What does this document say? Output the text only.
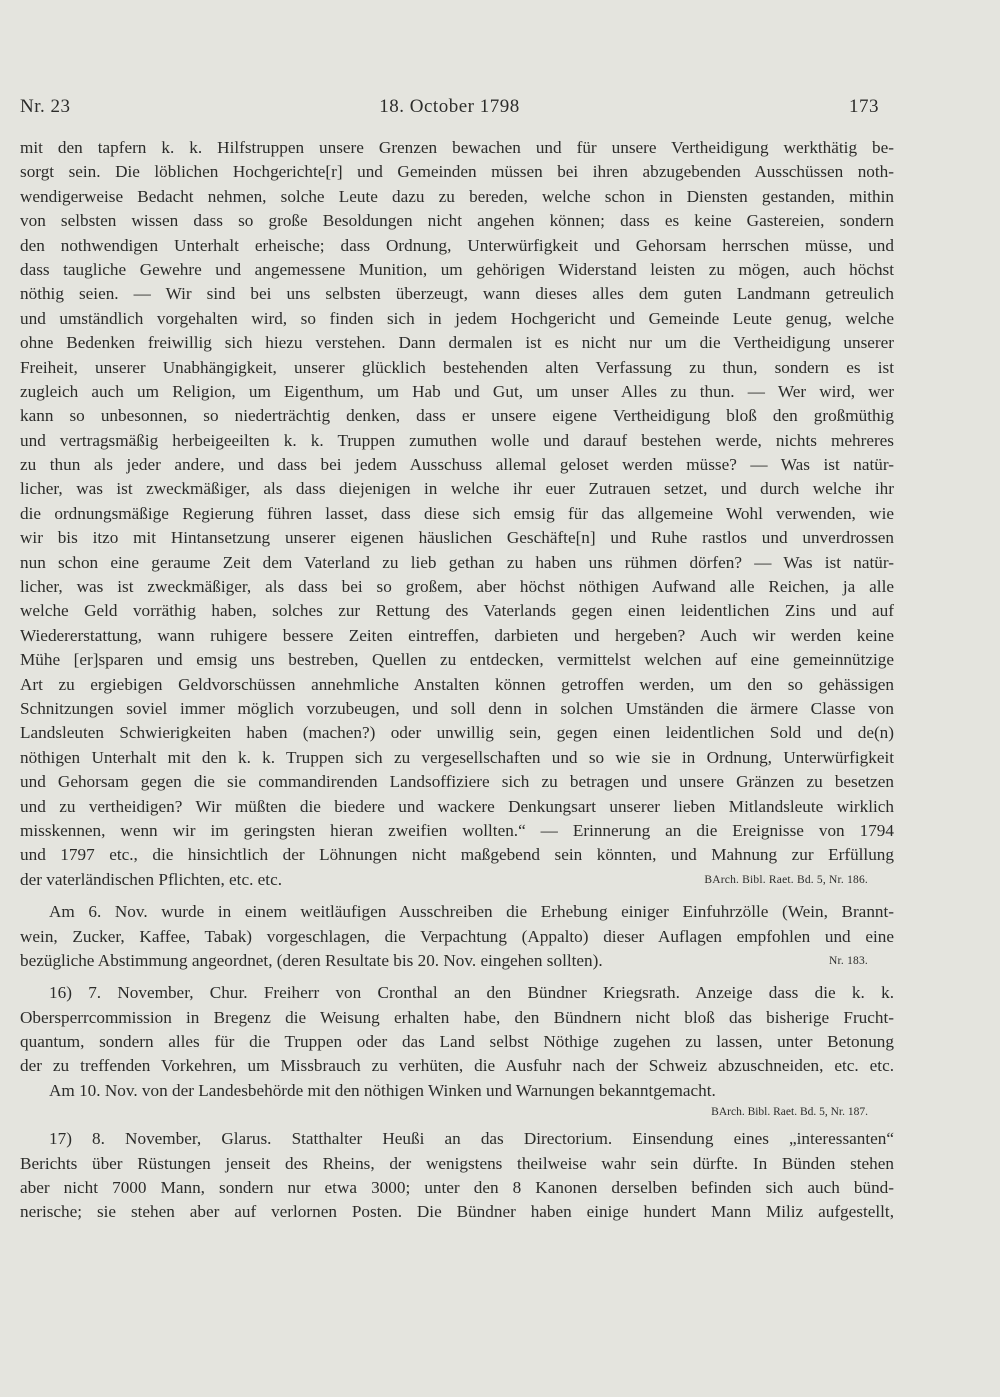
Nr. 23	18. October 1798	173
mit den tapfern k. k. Hilfstruppen unsere Grenzen bewachen und für unsere Vertheidigung werkthätig be-
sorgt sein. Die löblichen Hochgerichte[r] und Gemeinden müssen bei ihren abzugebenden Ausschüssen noth-
wendigerweise Bedacht nehmen, solche Leute dazu zu bereden, welche schon in Diensten gestanden, mithin
von selbsten wissen dass so große Besoldungen nicht angehen können; dass es keine Gastereien, sondern
den nothwendigen Unterhalt erheische; dass Ordnung, Unterwürfigkeit und Gehorsam herrschen müsse, und
dass taugliche Gewehre und angemessene Munition, um gehörigen Widerstand leisten zu mögen, auch höchst
nöthig seien. — Wir sind bei uns selbsten überzeugt, wann dieses alles dem guten Landmann getreulich
und umständlich vorgehalten wird, so finden sich in jedem Hochgericht und Gemeinde Leute genug, welche
ohne Bedenken freiwillig sich hiezu verstehen. Dann dermalen ist es nicht nur um die Vertheidigung unserer
Freiheit, unserer Unabhängigkeit, unserer glücklich bestehenden alten Verfassung zu thun, sondern es ist
zugleich auch um Religion, um Eigenthum, um Hab und Gut, um unser Alles zu thun. — Wer wird, wer
kann so unbesonnen, so niederträchtig denken, dass er unsere eigene Vertheidigung bloß den großmüthig
und vertragsmäßig herbeigeeilten k. k. Truppen zumuthen wolle und darauf bestehen werde, nichts mehreres
zu thun als jeder andere, und dass bei jedem Ausschuss allemal geloset werden müsse? — Was ist natür-
licher, was ist zweckmäßiger, als dass diejenigen in welche ihr euer Zutrauen setzet, und durch welche ihr
die ordnungsmäßige Regierung führen lasset, dass diese sich emsig für das allgemeine Wohl verwenden, wie
wir bis itzo mit Hintansetzung unserer eigenen häuslichen Geschäfte[n] und Ruhe rastlos und unverdrossen
nun schon eine geraume Zeit dem Vaterland zu lieb gethan zu haben uns rühmen dörfen? — Was ist natür-
licher, was ist zweckmäßiger, als dass bei so großem, aber höchst nöthigen Aufwand alle Reichen, ja alle
welche Geld vorräthig haben, solches zur Rettung des Vaterlands gegen einen leidentlichen Zins und auf
Wiedererstattung, wann ruhigere bessere Zeiten eintreffen, darbieten und hergeben? Auch wir werden keine
Mühe [er]sparen und emsig uns bestreben, Quellen zu entdecken, vermittelst welchen auf eine gemeinnützige
Art zu ergiebigen Geldvorschüssen annehmliche Anstalten können getroffen werden, um den so gehässigen
Schnitzungen soviel immer möglich vorzubeugen, und soll denn in solchen Umständen die ärmere Classe von
Landsleuten Schwierigkeiten haben (machen?) oder unwillig sein, gegen einen leidentlichen Sold und de(n)
nöthigen Unterhalt mit den k. k. Truppen sich zu vergesellschaften und so wie sie in Ordnung, Unterwürfigkeit
und Gehorsam gegen die sie commandirenden Landsoffiziere sich zu betragen und unsere Gränzen zu besetzen
und zu vertheidigen? Wir müßten die biedere und wackere Denkungsart unserer lieben Mitlandsleute wirklich
misskennen, wenn wir im geringsten hieran zweifien wollten.“ — Erinnerung an die Ereignisse von 1794
und 1797 etc., die hinsichtlich der Löhnungen nicht maßgebend sein könnten, und Mahnung zur Erfüllung
der vaterländischen Pflichten, etc. etc.	BArch. Bibl. Raet. Bd. 5, Nr. 186.
Am 6. Nov. wurde in einem weitläufigen Ausschreiben die Erhebung einiger Einfuhrzölle (Wein, Brannt-
wein, Zucker, Kaffee, Tabak) vorgeschlagen, die Verpachtung (Appalto) dieser Auflagen empfohlen und eine
bezügliche Abstimmung angeordnet, (deren Resultate bis 20. Nov. eingehen sollten).	Nr. 183.
16) 7. November, Chur. Freiherr von Cronthal an den Bündner Kriegsrath. Anzeige dass die k. k.
Obersperrcommission in Bregenz die Weisung erhalten habe, den Bündnern nicht bloß das bisherige Frucht-
quantum, sondern alles für die Truppen oder das Land selbst Nöthige zugehen zu lassen, unter Betonung
der zu treffenden Vorkehren, um Missbrauch zu verhüten, die Ausfuhr nach der Schweiz abzuschneiden, etc. etc.
Am 10. Nov. von der Landesbehörde mit den nöthigen Winken und Warnungen bekanntgemacht.
BArch. Bibl. Raet. Bd. 5, Nr. 187.
17) 8. November, Glarus. Statthalter Heußi an das Directorium. Einsendung eines „interessanten“
Berichts über Rüstungen jenseit des Rheins, der wenigstens theilweise wahr sein dürfte. In Bünden stehen
aber nicht 7000 Mann, sondern nur etwa 3000; unter den 8 Kanonen derselben befinden sich auch bünd-
nerische; sie stehen aber auf verlornen Posten. Die Bündner haben einige hundert Mann Miliz aufgestellt,
